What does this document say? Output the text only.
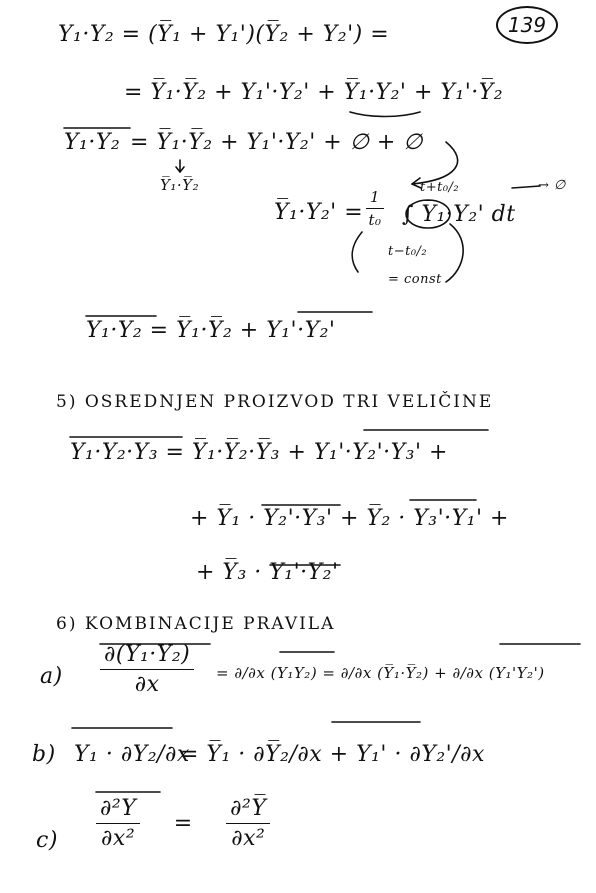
139
Y₁·Y₂ = (Y̅₁ + Y₁')(Y̅₂ + Y₂') =
= Y̅₁·Y̅₂ + Y₁'·Y₂' + Y̅₁·Y₂' + Y₁'·Y̅₂
Y₁·Y₂ = Y̅₁·Y̅₂ + Y₁'·Y₂' + ∅ + ∅
Y̅₁·Y̅₂
Y̅₁·Y₂' = $\frac{1}{\text{t₀}}$
t+t₀/₂
∫ Y̅₁·Y₂' dt
→ ∅
t−t₀/₂
= const
Y₁·Y₂ = Y̅₁·Y̅₂ + Y₁'·Y₂'
5) OSREDNJEN PROIZVOD TRI VELIČINE
Y₁·Y₂·Y₃ = Y̅₁·Y̅₂·Y̅₃ + Y₁'·Y₂'·Y₃' +
+ Y̅₁ · Y₂'·Y₃' + Y̅₂ · Y₃'·Y₁' +
+ Y̅₃ · Y₁'·Y₂'
6) KOMBINACIJE PRAVILA
$a) \frac{\text{∂(Y₁·Y₂)}}{\partial x} = \partial/\partial x$ (Y₁Y₂) = ∂/∂x (Y̅₁·Y̅₂) + ∂/∂x (Y₁'Y₂')
b) Y₁ · ∂Y₂/∂x
= Y̅₁ · ∂Y̅₂/∂x + Y₁' · ∂Y₂'/∂x
$c) \frac{\text{∂²Y}}{\text{∂x²}} = \frac{\text{∂²Y̅}}{\text{∂x²}}$
